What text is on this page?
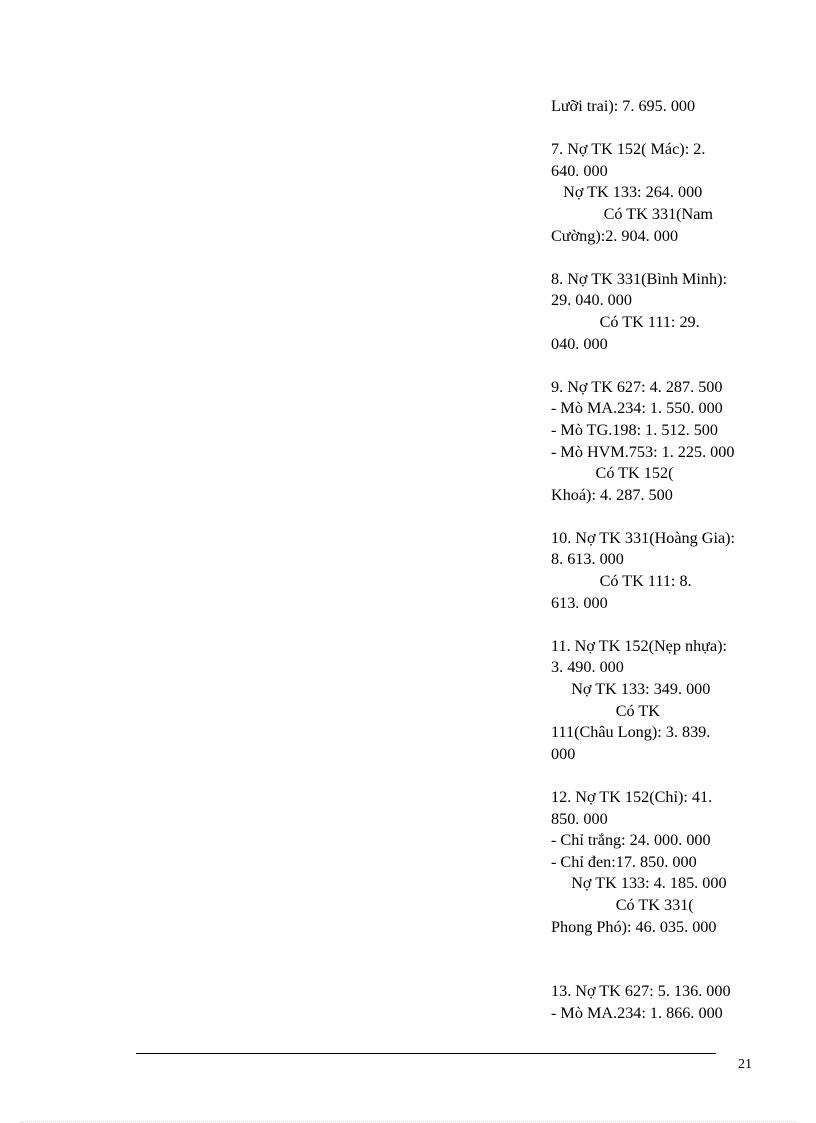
Lưỡi trai): 7. 695. 000
7. Nợ TK 152( Mác): 2.
640. 000
Nợ TK 133: 264. 000
Có TK 331(Nam
Cường):2. 904. 000
8. Nợ TK 331(Bình Minh):
29. 040. 000
Có TK 111: 29.
040. 000
9. Nợ TK 627: 4. 287. 500
- Mò MA.234: 1. 550. 000
- Mò TG.198: 1. 512. 500
- Mò HVM.753: 1. 225. 000
Có TK 152(
Khoá): 4. 287. 500
10. Nợ TK 331(Hoàng Gia):
8. 613. 000
Có TK 111: 8.
613. 000
11. Nợ TK 152(Nẹp nhựa):
3. 490. 000
Nợ TK 133: 349. 000
Có TK
111(Châu Long): 3. 839.
000
12. Nợ TK 152(Chỉ): 41.
850. 000
- Chỉ trắng: 24. 000. 000
- Chỉ đen:17. 850. 000
Nợ TK 133: 4. 185. 000
Có TK 331(
Phong Phó): 46. 035. 000
13. Nợ TK 627: 5. 136. 000
- Mò MA.234: 1. 866. 000
21
